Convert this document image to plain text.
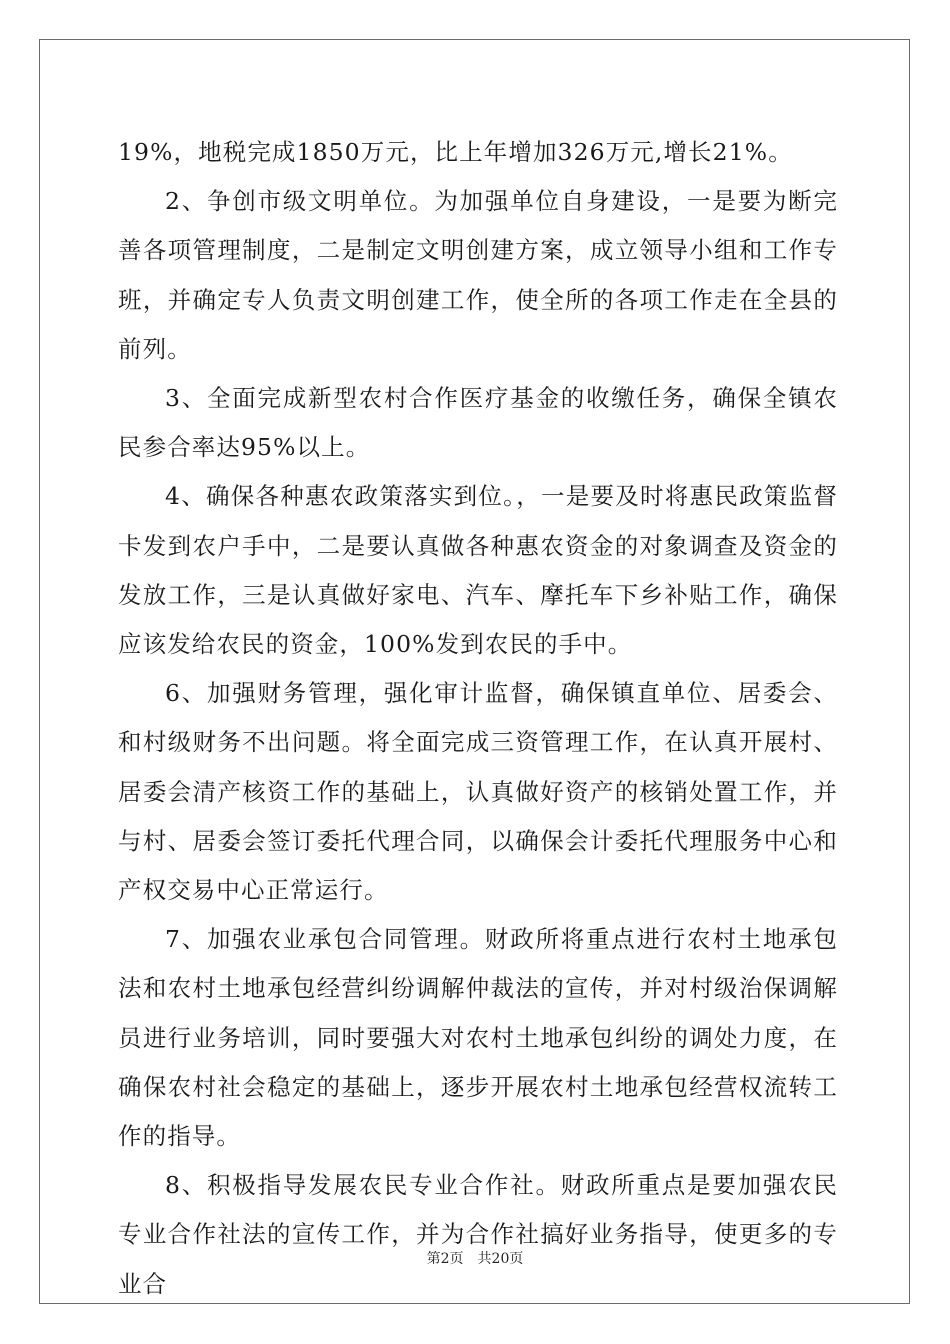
19%，地税完成1850万元，比上年增加326万元,增长21%。

2、争创市级文明单位。为加强单位自身建设，一是要为断完善各项管理制度，二是制定文明创建方案，成立领导小组和工作专班，并确定专人负责文明创建工作，使全所的各项工作走在全县的前列。

3、全面完成新型农村合作医疗基金的收缴任务，确保全镇农民参合率达95%以上。

4、确保各种惠农政策落实到位。，一是要及时将惠民政策监督卡发到农户手中，二是要认真做各种惠农资金的对象调查及资金的发放工作，三是认真做好家电、汽车、摩托车下乡补贴工作，确保应该发给农民的资金，100%发到农民的手中。

6、加强财务管理，强化审计监督，确保镇直单位、居委会、和村级财务不出问题。将全面完成三资管理工作，在认真开展村、居委会清产核资工作的基础上，认真做好资产的核销处置工作，并与村、居委会签订委托代理合同，以确保会计委托代理服务中心和产权交易中心正常运行。

7、加强农业承包合同管理。财政所将重点进行农村土地承包法和农村土地承包经营纠纷调解仲裁法的宣传，并对村级治保调解员进行业务培训，同时要强大对农村土地承包纠纷的调处力度，在确保农村社会稳定的基础上，逐步开展农村土地承包经营权流转工作的指导。

8、积极指导发展农民专业合作社。财政所重点是要加强农民专业合作社法的宣传工作，并为合作社搞好业务指导，使更多的专业合

第2页 共20页
